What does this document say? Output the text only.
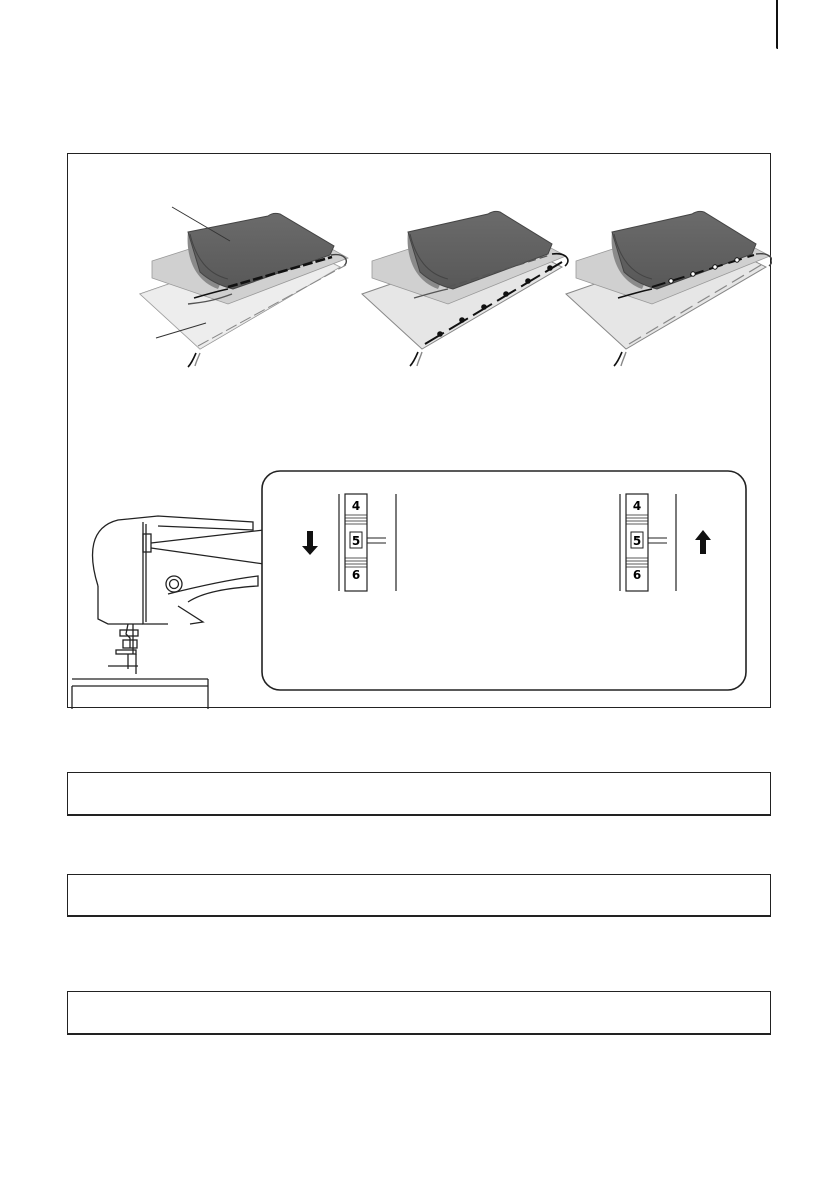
4
5
6
4
5
6
